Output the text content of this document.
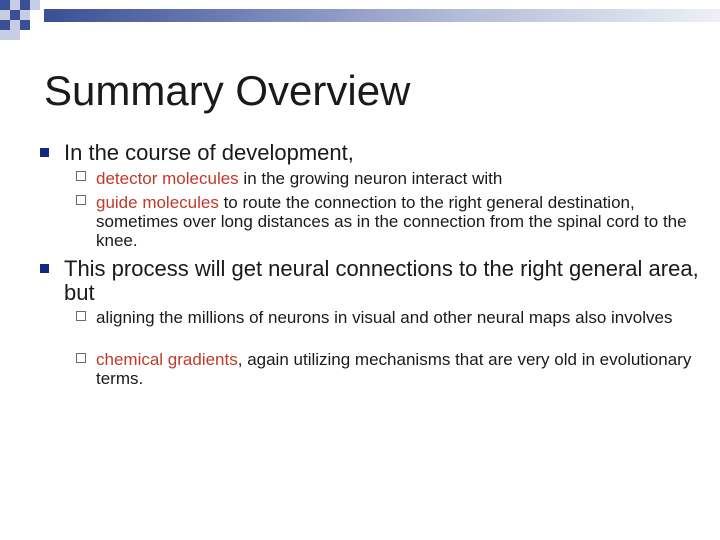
Summary Overview
In the course of development,
detector molecules in the growing neuron interact with
guide molecules to route the connection to the right general destination, sometimes over long distances as in the connection from the spinal cord to the knee.
This process will get neural connections to the right general area, but
aligning the millions of neurons in visual and other neural maps also involves
chemical gradients, again utilizing mechanisms that are very old in evolutionary terms.
